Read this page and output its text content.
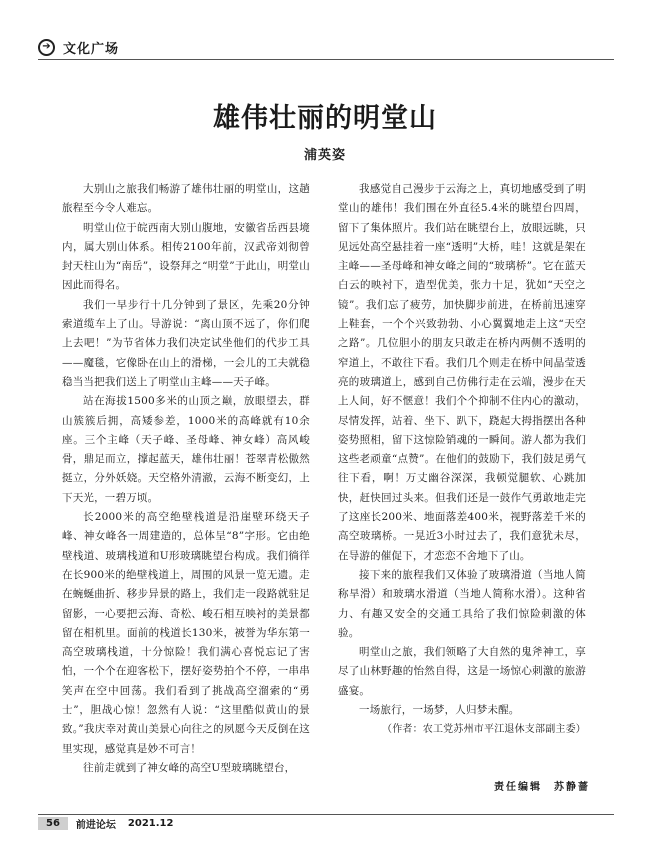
➔ 文化广场
雄伟壮丽的明堂山
浦英姿

大别山之旅我们畅游了雄伟壮丽的明堂山，这趟旅程至今令人难忘。

明堂山位于皖西南大别山腹地，安徽省岳西县境内，属大别山体系。相传2100年前，汉武帝刘彻曾封天柱山为“南岳”，设祭拜之“明堂”于此山，明堂山因此而得名。

我们一早步行十几分钟到了景区，先乘20分钟索道缆车上了山。导游说：“离山顶不远了，你们爬上去吧！”为节省体力我们决定试坐他们的代步工具——魔毯，它像卧在山上的滑梯，一会儿的工夫就稳稳当当把我们送上了明堂山主峰——天子峰。

站在海拔1500多米的山顶之巅，放眼望去，群山簇簇后拥，高矮参差，1000米的高峰就有10余座。三个主峰（天子峰、圣母峰、神女峰）高风峻骨，鼎足而立，撑起蓝天，雄伟壮丽！苍翠青松傲然挺立，分外妖娆。天空格外清澈，云海不断变幻，上下天光，一碧万顷。

长2000米的高空绝壁栈道是沿崖壁环绕天子峰、神女峰各一周建造的，总体呈“8”字形。它由绝壁栈道、玻璃栈道和U形玻璃眺望台构成。我们徜徉在长900米的绝壁栈道上，周围的风景一览无遗。走在蜿蜒曲折、移步异景的路上，我们走一段路就驻足留影，一心要把云海、奇松、峻石相互映衬的美景都留在相机里。面前的栈道长130米，被誉为华东第一高空玻璃栈道，十分惊险！我们满心喜悦忘记了害怕，一个个在迎客松下，摆好姿势拍个不停，一串串笑声在空中回荡。我们看到了挑战高空溜索的“勇士”，胆战心惊！忽然有人说：“这里酷似黄山的景致。”我庆幸对黄山美景心向往之的夙愿今天反倒在这里实现，感觉真是妙不可言！

往前走就到了神女峰的高空U型玻璃眺望台，

我感觉自己漫步于云海之上，真切地感受到了明堂山的雄伟！我们围在外直径5.4米的眺望台四周，留下了集体照片。我们站在眺望台上，放眼远眺，只见远处高空悬挂着一座“透明”大桥，哇！这就是架在主峰——圣母峰和神女峰之间的“玻璃桥”。它在蓝天白云的映衬下，造型优美，张力十足，犹如“天空之镜”。我们忘了疲劳，加快脚步前进，在桥前迅速穿上鞋套，一个个兴致勃勃、小心翼翼地走上这“天空之路”。几位胆小的朋友只敢走在桥内两侧不透明的窄道上，不敢往下看。我们几个则走在桥中间晶莹透亮的玻璃道上，感到自己仿佛行走在云端，漫步在天上人间，好不惬意！我们个个抑制不住内心的激动，尽情发挥，站着、坐下、趴下，跷起大拇指摆出各种姿势照相，留下这惊险销魂的一瞬间。游人都为我们这些老顽童“点赞”。在他们的鼓励下，我们鼓足勇气往下看，啊！万丈幽谷深深，我顿觉腿软、心跳加快，赶快回过头来。但我们还是一鼓作气勇敢地走完了这座长200米、地面落差400米，视野落差千米的高空玻璃桥。一晃近3小时过去了，我们意犹未尽，在导游的催促下，才恋恋不舍地下了山。

接下来的旅程我们又体验了玻璃滑道（当地人简称旱滑）和玻璃水滑道（当地人简称水滑）。这种省力、有趣又安全的交通工具给了我们惊险刺激的体验。

明堂山之旅，我们领略了大自然的鬼斧神工，享尽了山林野趣的怡然自得，这是一场惊心刺激的旅游盛宴。

一场旅行，一场梦，人归梦未醒。

（作者：农工党苏州市平江退休支部副主委）

责任编辑　苏静蔷
56	前进论坛 2021.12
